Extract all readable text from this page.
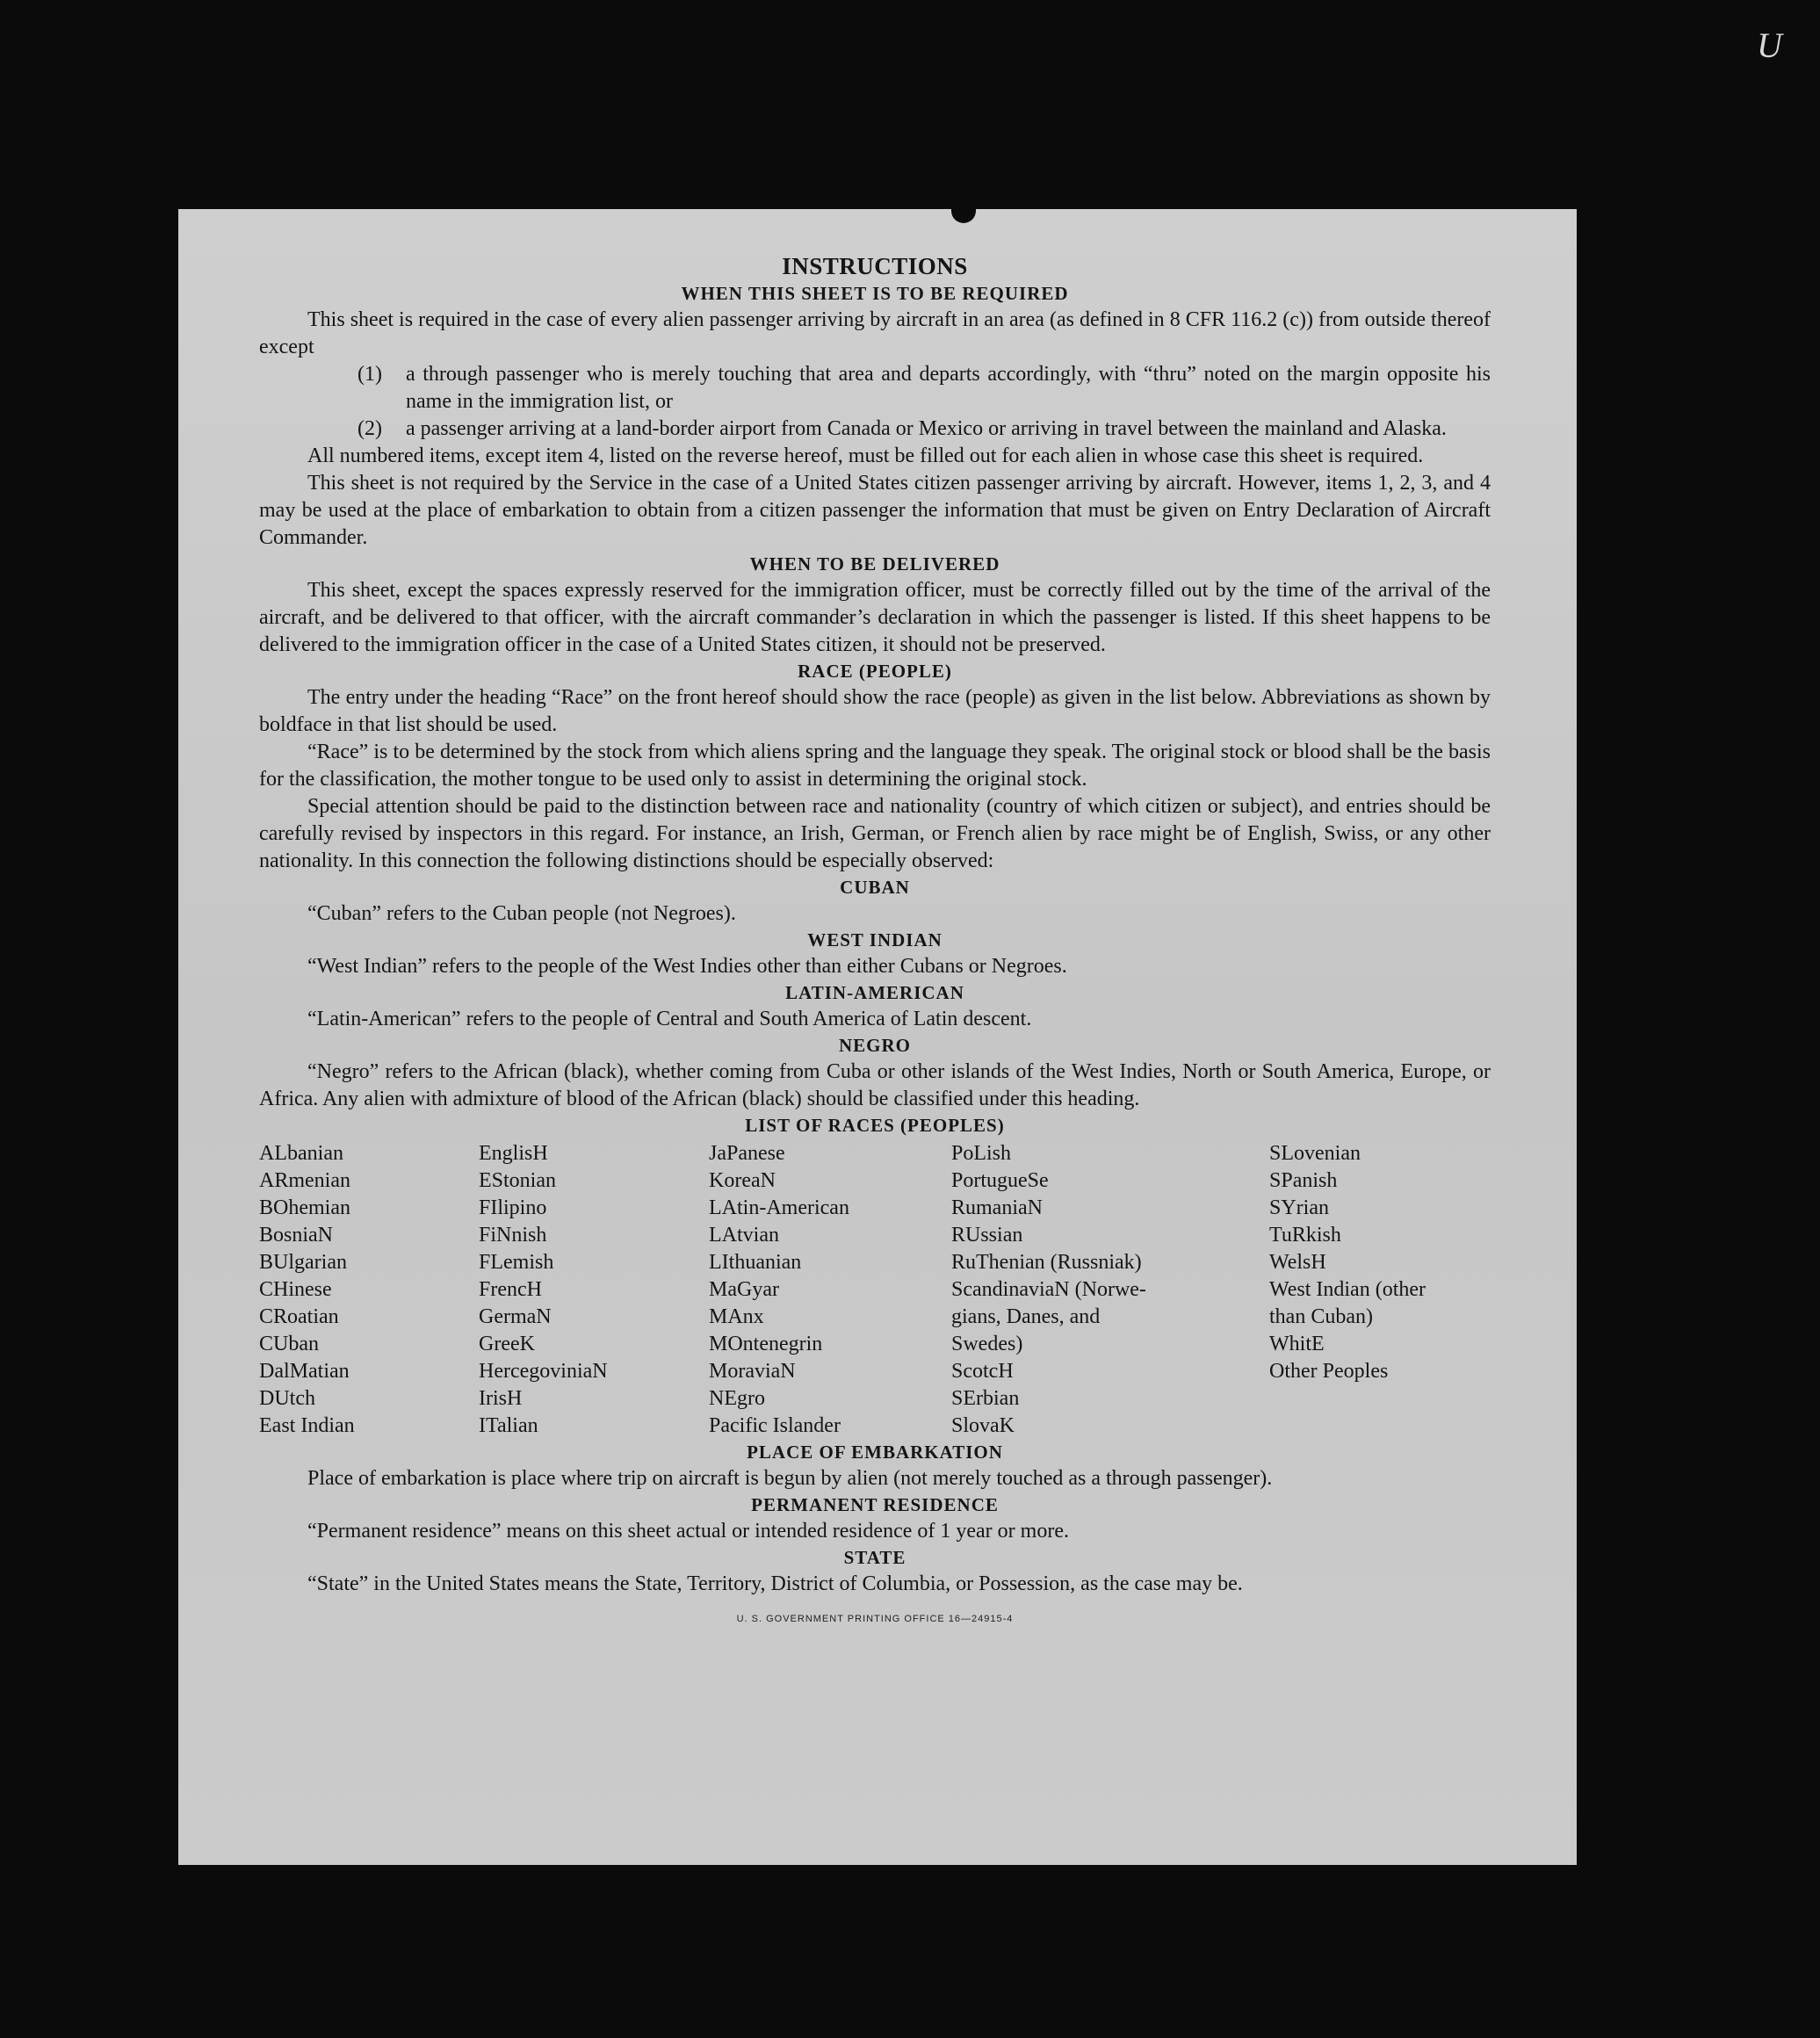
U
INSTRUCTIONS
WHEN THIS SHEET IS TO BE REQUIRED

This sheet is required in the case of every alien passenger arriving by aircraft in an area (as defined in 8 CFR 116.2 (c)) from outside thereof except

(1)	a through passenger who is merely touching that area and departs accordingly, with “thru” noted on the margin opposite his name in the immigration list, or
(2)	a passenger arriving at a land-border airport from Canada or Mexico or arriving in travel between the mainland and Alaska.

All numbered items, except item 4, listed on the reverse hereof, must be filled out for each alien in whose case this sheet is required.

This sheet is not required by the Service in the case of a United States citizen passenger arriving by aircraft. However, items 1, 2, 3, and 4 may be used at the place of embarkation to obtain from a citizen passenger the information that must be given on Entry Declaration of Aircraft Commander.

WHEN TO BE DELIVERED

This sheet, except the spaces expressly reserved for the immigration officer, must be correctly filled out by the time of the arrival of the aircraft, and be delivered to that officer, with the aircraft commander’s declaration in which the passenger is listed. If this sheet happens to be delivered to the immigration officer in the case of a United States citizen, it should not be preserved.

RACE (PEOPLE)

The entry under the heading “Race” on the front hereof should show the race (people) as given in the list below. Abbreviations as shown by boldface in that list should be used.

“Race” is to be determined by the stock from which aliens spring and the language they speak. The original stock or blood shall be the basis for the classification, the mother tongue to be used only to assist in determining the original stock.

Special attention should be paid to the distinction between race and nationality (country of which citizen or subject), and entries should be carefully revised by inspectors in this regard. For instance, an Irish, German, or French alien by race might be of English, Swiss, or any other nationality. In this connection the following distinctions should be especially observed:

CUBAN

“Cuban” refers to the Cuban people (not Negroes).

WEST INDIAN

“West Indian” refers to the people of the West Indies other than either Cubans or Negroes.

LATIN-AMERICAN

“Latin-American” refers to the people of Central and South America of Latin descent.

NEGRO

“Negro” refers to the African (black), whether coming from Cuba or other islands of the West Indies, North or South America, Europe, or Africa. Any alien with admixture of blood of the African (black) should be classified under this heading.

LIST OF RACES (PEOPLES)
ALbanian
ARmenian
BOhemian
BosniaN
BUlgarian
CHinese
CRoatian
CUban
DalMatian
DUtch
East Indian
EnglisH
EStonian
FIlipino
FiNnish
FLemish
FrencH
GermaN
GreeK
HercegoviniaN
IrisH
ITalian
JaPanese
KoreaN
LAtin-American
LAtvian
LIthuanian
MaGyar
MAnx
MOntenegrin
MoraviaN
NEgro
Pacific Islander
PoLish
PortugueSe
RumaniaN
RUssian
RuThenian (Russniak)
ScandinaviaN (Norwe-
gians, Danes, and
Swedes)
ScotcH
SErbian
SlovaK
SLovenian
SPanish
SYrian
TuRkish
WelsH
West Indian (other
than Cuban)
WhitE
Other Peoples
PLACE OF EMBARKATION

Place of embarkation is place where trip on aircraft is begun by alien (not merely touched as a through passenger).

PERMANENT RESIDENCE

“Permanent residence” means on this sheet actual or intended residence of 1 year or more.

STATE

“State” in the United States means the State, Territory, District of Columbia, or Possession, as the case may be.

U. S. GOVERNMENT PRINTING OFFICE 16—24915-4
